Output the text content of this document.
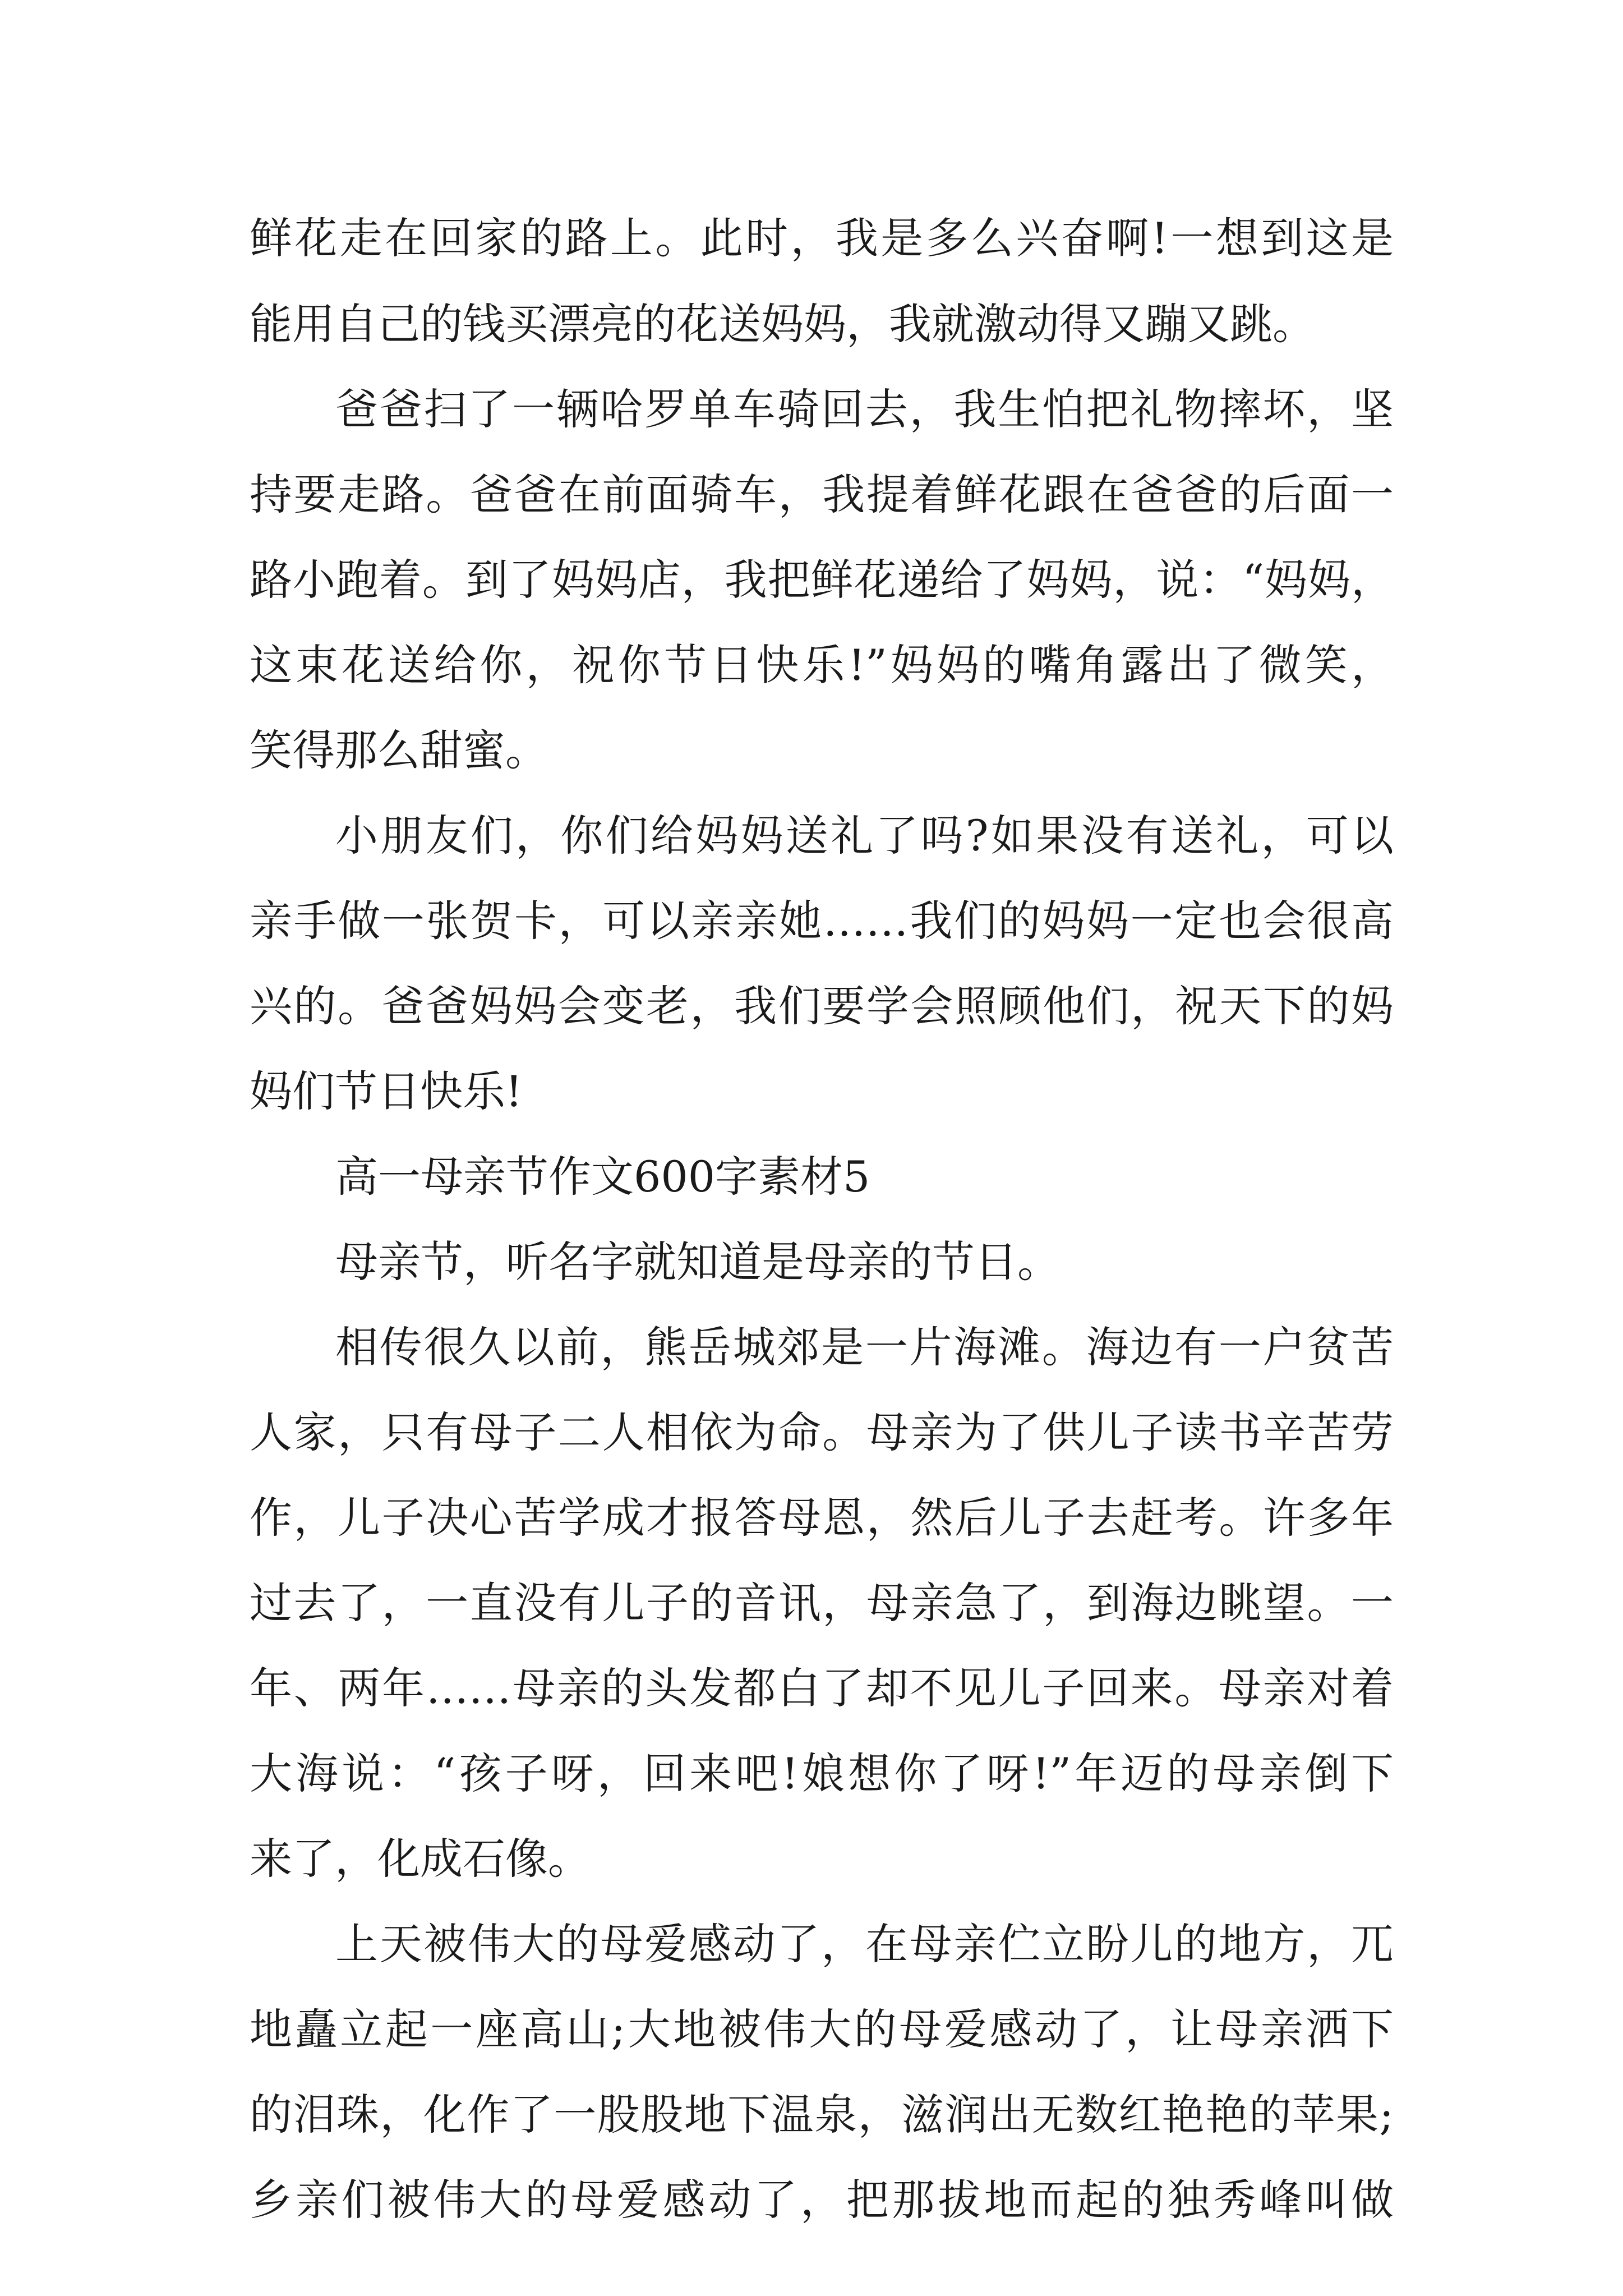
鲜花走在回家的路上。此时，我是多么兴奋啊!一想到这是
能用自己的钱买漂亮的花送妈妈，我就激动得又蹦又跳。
爸爸扫了一辆哈罗单车骑回去，我生怕把礼物摔坏，坚
持要走路。爸爸在前面骑车，我提着鲜花跟在爸爸的后面一
路小跑着。到了妈妈店，我把鲜花递给了妈妈，说：“妈妈，
这束花送给你，祝你节日快乐!”妈妈的嘴角露出了微笑，
笑得那么甜蜜。
小朋友们，你们给妈妈送礼了吗?如果没有送礼，可以
亲手做一张贺卡，可以亲亲她……我们的妈妈一定也会很高
兴的。爸爸妈妈会变老，我们要学会照顾他们，祝天下的妈
妈们节日快乐!
高一母亲节作文600字素材5
母亲节，听名字就知道是母亲的节日。
相传很久以前，熊岳城郊是一片海滩。海边有一户贫苦
人家，只有母子二人相依为命。母亲为了供儿子读书辛苦劳
作，儿子决心苦学成才报答母恩，然后儿子去赶考。许多年
过去了，一直没有儿子的音讯，母亲急了，到海边眺望。一
年、两年……母亲的头发都白了却不见儿子回来。母亲对着
大海说：“孩子呀，回来吧!娘想你了呀!”年迈的母亲倒下
来了，化成石像。
上天被伟大的母爱感动了，在母亲伫立盼儿的地方，兀
地矗立起一座高山;大地被伟大的母爱感动了，让母亲洒下
的泪珠，化作了一股股地下温泉，滋润出无数红艳艳的苹果;
乡亲们被伟大的母爱感动了，把那拔地而起的独秀峰叫做
